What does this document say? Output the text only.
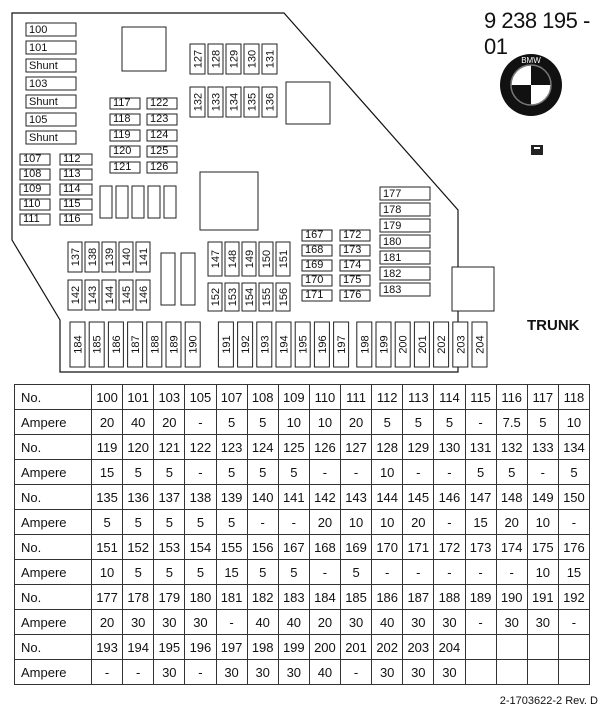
100
101
Shunt
103
Shunt
105
Shunt
107
108
109
110
111
112
113
114
115
116
117
118
119
120
121
122
123
124
125
126
127 128 129 130 131
132 133 134 135 136
137 138 139 140 141
142 143 144 145 146
147 148 149 150 151
152 153 154 155 156
167
168
169
170
171
172
173
174
175
176
177
178
179
180
181
182
183
184 185 186 187 188 189 190 191 192 193 194 195 196 197 198 199 200 201 202 203 204
9 238 195 - 01
BMW
TRUNK
No.	100	101	103	105	107	108	109	110	111	112	113	114	115	116	117	118
Ampere	20	40	20	-	5	5	10	10	20	5	5	5	-	7.5	5	10
No.	119	120	121	122	123	124	125	126	127	128	129	130	131	132	133	134
Ampere	15	5	5	-	5	5	5	-	-	10	-	-	5	5	-	5
No.	135	136	137	138	139	140	141	142	143	144	145	146	147	148	149	150
Ampere	5	5	5	5	5	-	-	20	10	10	20	-	15	20	10	-
No.	151	152	153	154	155	156	167	168	169	170	171	172	173	174	175	176
Ampere	10	5	5	5	15	5	5	-	5	-	-	-	-	-	10	15
No.	177	178	179	180	181	182	183	184	185	186	187	188	189	190	191	192
Ampere	20	30	30	30	-	40	40	20	30	40	30	30	-	30	30	-
No.	193	194	195	196	197	198	199	200	201	202	203	204				
Ampere	-	-	30	-	30	30	30	40	-	30	30	30				
2-1703622-2 Rev. D
